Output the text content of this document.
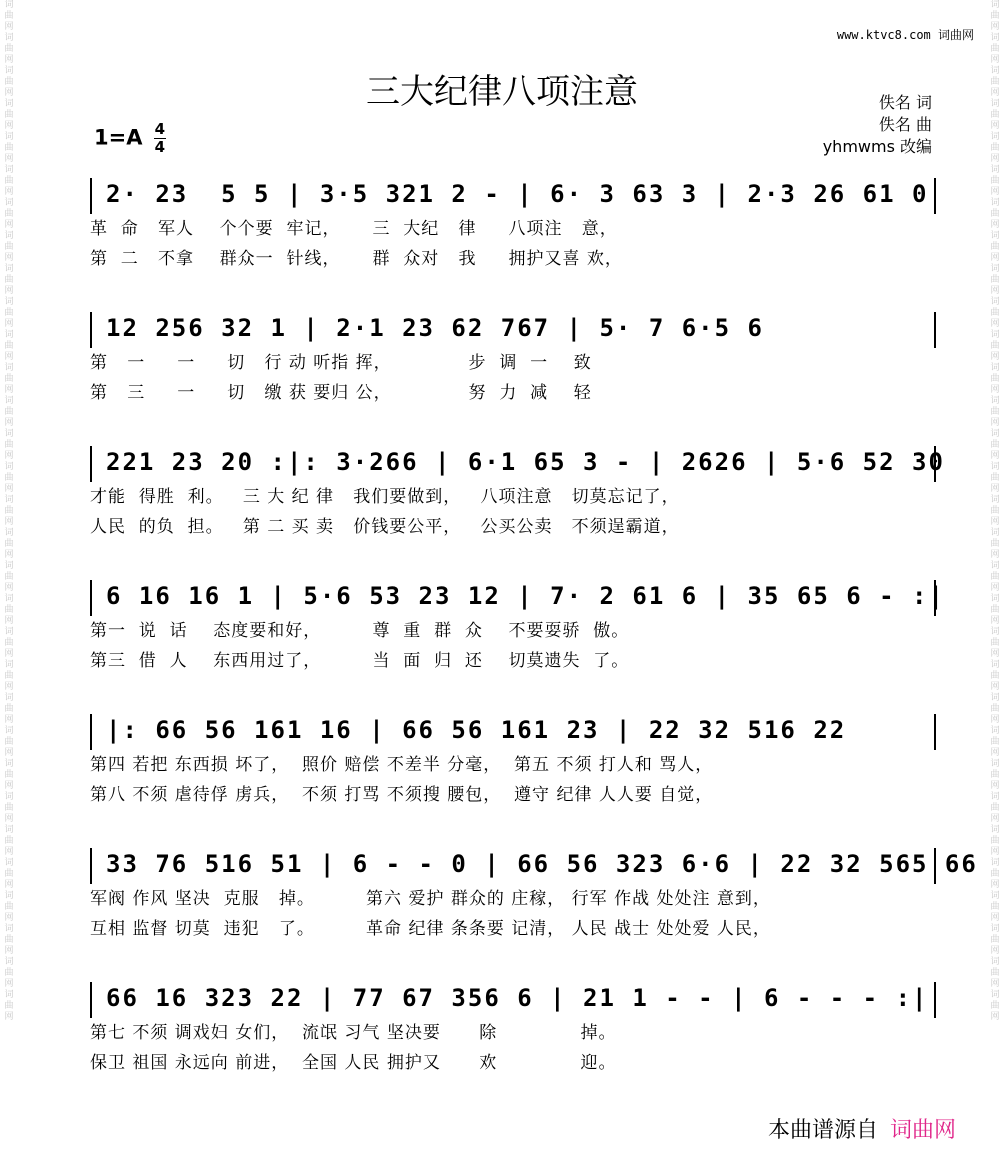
词 曲 网 词 曲 网 词 曲 网 词 曲 网 词 曲 网 词 曲 网 词 曲 网 词 曲 网 词 曲 网 词 曲 网 词 曲 网 词 曲 网 词 曲 网 词 曲 网 词 曲 网 词 曲 网 词 曲 网 词 曲 网 词 曲 网 词 曲 网 词 曲 网 词 曲 网 词 曲 网 词 曲 网 词 曲 网 词 曲 网 词 曲 网 词 曲 网 词 曲 网 词 曲 网 词 曲 网
词 曲 网 词 曲 网 词 曲 网 词 曲 网 词 曲 网 词 曲 网 词 曲 网 词 曲 网 词 曲 网 词 曲 网 词 曲 网 词 曲 网 词 曲 网 词 曲 网 词 曲 网 词 曲 网 词 曲 网 词 曲 网 词 曲 网 词 曲 网 词 曲 网 词 曲 网 词 曲 网 词 曲 网 词 曲 网 词 曲 网 词 曲 网 词 曲 网 词 曲 网 词 曲 网 词 曲 网
www.ktvc8.com 词曲网
三大纪律八项注意	佚名 词
佚名 曲
yhmwms 改编
$1=A \frac{4}{4}$
2· 23  5 5 | 3·5 321 2 - | 6· 3 63 3 | 2·3 26 61 0
革  命   军人    个个要  牢记，     三  大纪   律     八项注   意，
第  二   不拿    群众一  针线，     群  众对   我     拥护又喜 欢，
12 256 32 1 | 2·1 23 62 767 | 5· 7 6·5 6
第   一     一     切   行 动 听指 挥，            步  调  一    致
第   三     一     切   缴 获 要归 公，            努  力  减    轻
221 23 20 :|: 3·266 | 6·1 65 3 - | 2626 | 5·6 52 30
才能  得胜  利。   三 大 纪 律   我们要做到，   八项注意   切莫忘记了，
人民  的负  担。   第 二 买 卖   价钱要公平，   公买公卖   不须逞霸道，
6 16 16 1 | 5·6 53 23 12 | 7· 2 61 6 | 35 65 6 - :|
第一  说  话    态度要和好，        尊  重  群  众    不要耍骄  傲。
第三  借  人    东西用过了，        当  面  归  还    切莫遗失  了。
|: 66 56 161 16 | 66 56 161 23 | 22 32 516 22
第四 若把 东西损 坏了，  照价 赔偿 不差半 分毫，  第五 不须 打人和 骂人，
第八 不须 虐待俘 虏兵，  不须 打骂 不须搜 腰包，  遵守 纪律 人人要 自觉，
33 76 516 51 | 6 - - 0 | 66 56 323 6·6 | 22 32 565 66
军阀 作风 坚决  克服   掉。        第六 爱护 群众的 庄稼， 行军 作战 处处注 意到，
互相 监督 切莫  违犯   了。        革命 纪律 条条要 记清， 人民 战士 处处爱 人民，
66 16 323 22 | 77 67 356 6 | 21 1 - - | 6 - - - :|
第七 不须 调戏妇 女们，  流氓 习气 坚决要      除             掉。
保卫 祖国 永远向 前进，  全国 人民 拥护又      欢             迎。
本曲谱源自 词曲网
